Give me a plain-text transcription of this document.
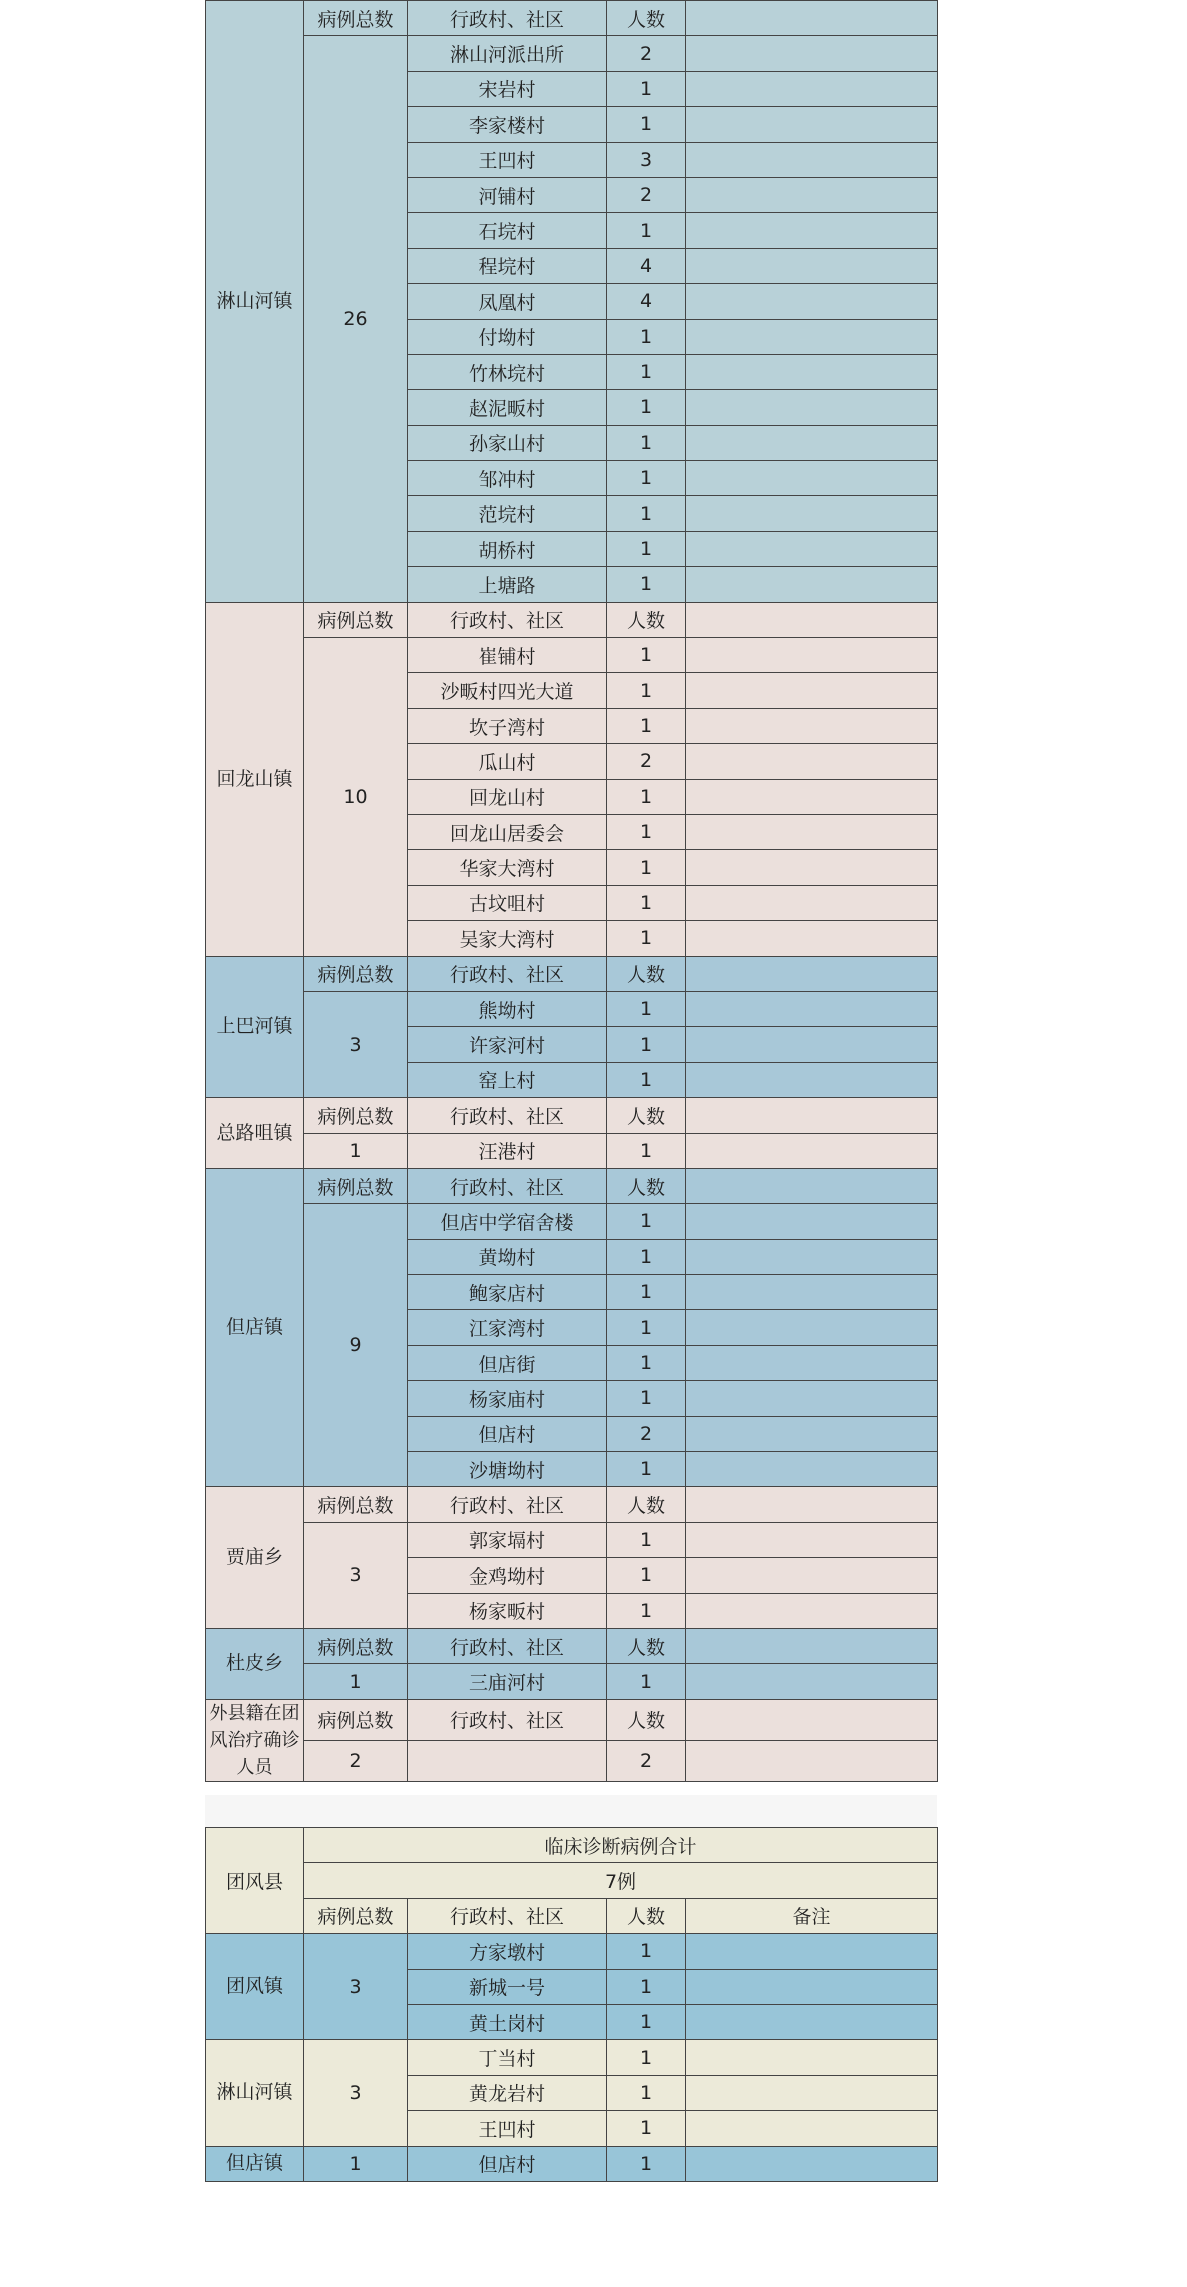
淋山河镇	病例总数	行政村、社区	人数	
	26	淋山河派出所	2	
		宋岩村	1	
		李家楼村	1	
		王凹村	3	
		河铺村	2	
		石垸村	1	
		程垸村	4	
		凤凰村	4	
		付坳村	1	
		竹林垸村	1	
		赵泥畈村	1	
		孙家山村	1	
		邹冲村	1	
		范垸村	1	
		胡桥村	1	
		上塘路	1	
回龙山镇	病例总数	行政村、社区	人数	
	10	崔铺村	1	
		沙畈村四光大道	1	
		坎子湾村	1	
		瓜山村	2	
		回龙山村	1	
		回龙山居委会	1	
		华家大湾村	1	
		古坟咀村	1	
		吴家大湾村	1	
上巴河镇	病例总数	行政村、社区	人数	
	3	熊坳村	1	
		许家河村	1	
		窑上村	1	
总路咀镇	病例总数	行政村、社区	人数	
	1	汪港村	1	
但店镇	病例总数	行政村、社区	人数	
	9	但店中学宿舍楼	1	
		黄坳村	1	
		鲍家店村	1	
		江家湾村	1	
		但店街	1	
		杨家庙村	1	
		但店村	2	
		沙塘坳村	1	
贾庙乡	病例总数	行政村、社区	人数	
	3	郭家塥村	1	
		金鸡坳村	1	
		杨家畈村	1	
杜皮乡	病例总数	行政村、社区	人数	
	1	三庙河村	1	
外县籍在团风治疗确诊人员	病例总数	行政村、社区	人数	
	2		2	
团风县	临床诊断病例合计			
	7例			
	病例总数	行政村、社区	人数	备注
团风镇	3	方家墩村	1	
		新城一号	1	
		黄土岗村	1	
淋山河镇	3	丁当村	1	
		黄龙岩村	1	
		王凹村	1	
但店镇	1	但店村	1	
